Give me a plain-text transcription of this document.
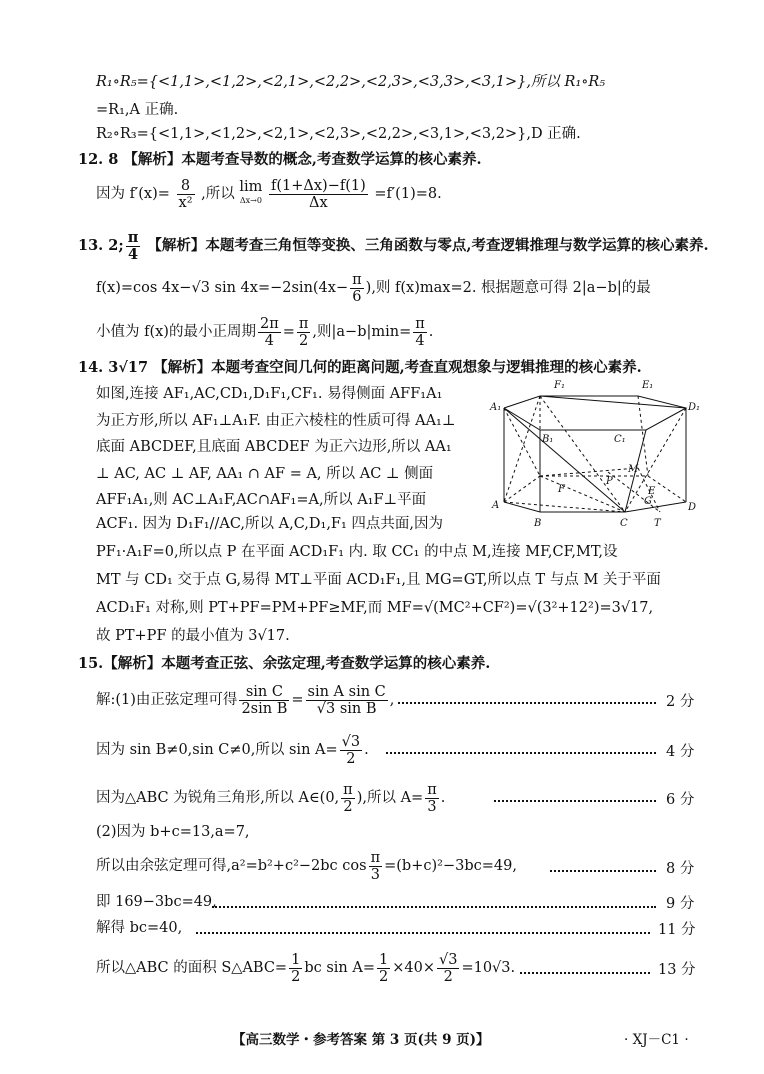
R₁∘R₅={<1,1>,<1,2>,<2,1>,<2,2>,<2,3>,<3,3>,<3,1>},所以 R₁∘R₅
=R₁,A 正确.
R₂∘R₃={<1,1>,<1,2>,<2,1>,<2,3>,<2,2>,<3,1>,<3,2>},D 正确.
12. 8 【解析】本题考查导数的概念,考查数学运算的核心素养.
因为 $f'(x)= \frac{8}{\text{x²}}$ ,所以 lim
Δx→0
$\frac{f(1+\Delta x)-f(1)}{\Delta x} =f'(1)=8$.
13. 2; $\frac{\pi}{4}$ 【解析】本题考查三角恒等变换、三角函数与零点,考查逻辑推理与数学运算的核心素养.
f(x)=cos 4x−√3 $\sin 4x=-2\sin(4x- \frac{\pi}{6}$ ),则 f(x)max=2. 根据题意可得 2|a−b|的最
小值为 f(x)的最小正周期 $\frac{2\pi}{4} = \frac{\pi}{2}$ ,则$|a-b|\min= \frac{\pi}{4}$ .
14. 3√17 【解析】本题考查空间几何的距离问题,考查直观想象与逻辑推理的核心素养.
如图,连接 AF₁,AC,CD₁,D₁F₁,CF₁. 易得侧面 AFF₁A₁
为正方形,所以 AF₁⊥A₁F. 由正六棱柱的性质可得 AA₁⊥
底面 ABCDEF,且底面 ABCDEF 为正六边形,所以 AA₁
⊥ AC, AC ⊥ AF, AA₁ ∩ AF = A, 所以 AC ⊥ 侧面
AFF₁A₁,则 AC⊥A₁F,AC∩AF₁=A,所以 A₁F⊥平面
ACF₁. 因为 D₁F₁//AC,所以 A,C,D₁,F₁ 四点共面,因为
PF₁·A₁F=0,所以点 P 在平面 ACD₁F₁ 内. 取 CC₁ 的中点 M,连接 MF,CF,MT,设
MT 与 CD₁ 交于点 G,易得 MT⊥平面 ACD₁F₁,且 MG=GT,所以点 T 与点 M 关于平面
ACD₁F₁ 对称,则 PT+PF=PM+PF≥MF,而 MF=√(MC²+CF²)=√(3²+12²)=3√17,
故 PT+PF 的最小值为 3√17.
F₁	E₁
A₁	D₁
B₁	C₁
F
P
M
E
G
A
B	C	T
D
15.【解析】本题考查正弦、余弦定理,考查数学运算的核心素养.
解:(1)由正弦定理可得 $\frac{\text{sin C}}{\text{2sin B}} = \frac{\text{sin A sin C}}{\text{√3 sin B}}$ ,	2 分
因为 sin B≠0,sin C≠0,所以 $\sin A= \frac{√3}{2}$ .	4 分
因为△ABC 为锐角三角形,所以 A∈(0, $\frac{\pi}{2}$ ),所以 $A= \frac{\pi}{3}$ .	6 分
(2)因为 b+c=13,a=7,
所以由余弦定理可得,a²=b²+c²−2bc $\cos \frac{\pi}{3} =(b+c)^2-3bc=49$,	8 分
即 169−3bc=49,	9 分
解得 bc=40,	11 分
所以△ABC 的面积 S△ABC= $\frac{1}{2}$ bc $\sin A= \frac{1}{2} \times 40\times \frac{√3}{2} =10√3$.	13 分
【高三数学・参考答案 第 3 页(共 9 页)】	· XJ－C1 ·
